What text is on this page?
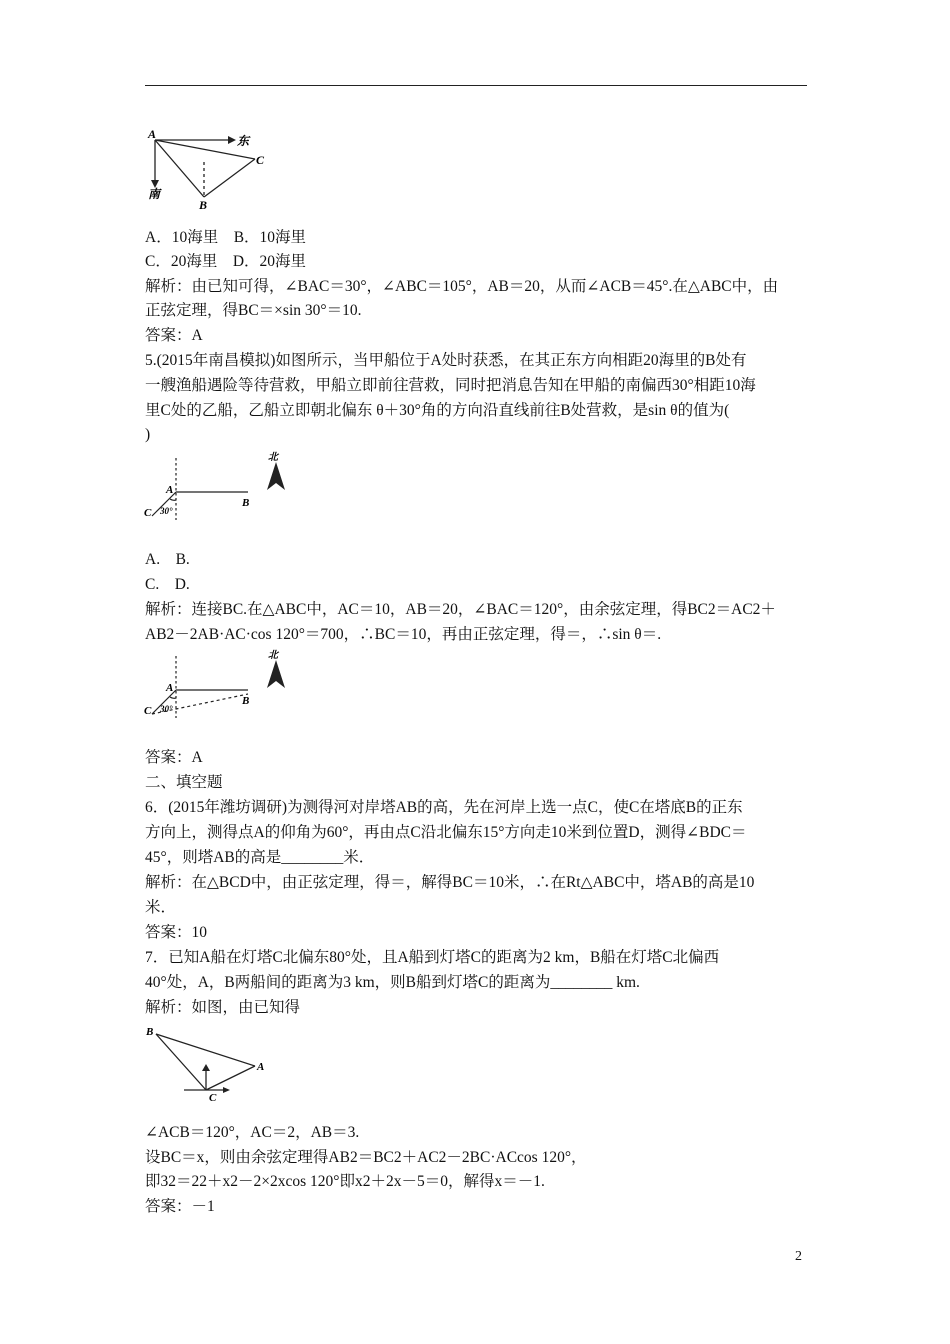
A	东
C
南
B
北
A
B
C 30°
北
A
B
C 30°
B
A
C
A．10海里　B．10海里
C．20海里　D．20海里
解析：由已知可得，∠BAC＝30°，∠ABC＝105°，AB＝20，从而∠ACB＝45°.在△ABC中，由
正弦定理，得BC＝×sin 30°＝10.
答案：A
5.(2015年南昌模拟)如图所示，当甲船位于A处时获悉，在其正东方向相距20海里的B处有
一艘渔船遇险等待营救，甲船立即前往营救，同时把消息告知在甲船的南偏西30°相距10海
里C处的乙船，乙船立即朝北偏东 θ＋30°角的方向沿直线前往B处营救，是sin θ的值为(
)
A.　B.
C.　D.
解析：连接BC.在△ABC中，AC＝10，AB＝20，∠BAC＝120°，由余弦定理，得BC2＝AC2＋
AB2－2AB·AC·cos 120°＝700，∴BC＝10，再由正弦定理，得＝，∴sin θ＝.
答案：A
二、填空题
6．(2015年潍坊调研)为测得河对岸塔AB的高，先在河岸上选一点C，使C在塔底B的正东
方向上，测得点A的仰角为60°，再由点C沿北偏东15°方向走10米到位置D，测得∠BDC＝
45°，则塔AB的高是________米．
解析：在△BCD中，由正弦定理，得＝，解得BC＝10米，∴在Rt△ABC中，塔AB的高是10
米．
答案：10
7．已知A船在灯塔C北偏东80°处，且A船到灯塔C的距离为2 km，B船在灯塔C北偏西
40°处，A，B两船间的距离为3 km，则B船到灯塔C的距离为________ km.
解析：如图，由已知得
∠ACB＝120°，AC＝2，AB＝3.
设BC＝x，则由余弦定理得AB2＝BC2＋AC2－2BC·ACcos 120°，
即32＝22＋x2－2×2xcos 120°即x2＋2x－5＝0，解得x＝－1.
答案：－1
2
